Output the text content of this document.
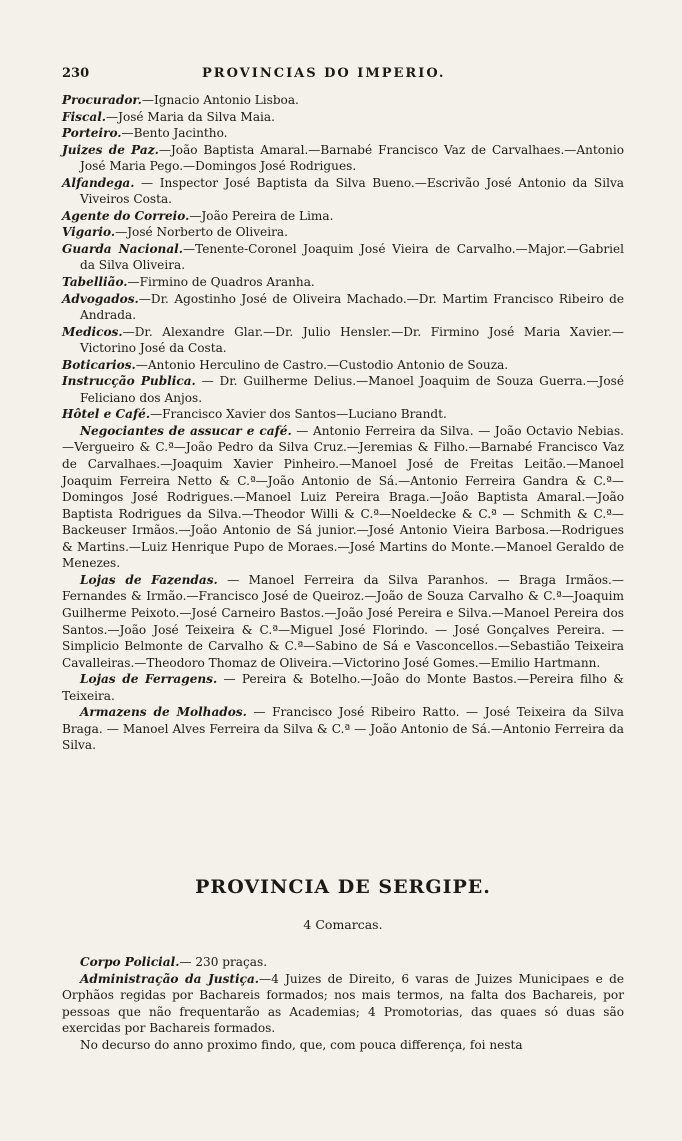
230	PROVINCIAS DO IMPERIO.

Procurador.—Ignacio Antonio Lisboa.

Fiscal.—José Maria da Silva Maia.

Porteiro.—Bento Jacintho.

Juizes de Paz.—João Baptista Amaral.—Barnabé Francisco Vaz de Carvalhaes.—Antonio José Maria Pego.—Domingos José Rodrigues.

Alfandega. — Inspector José Baptista da Silva Bueno.—Escrivão José Antonio da Silva Viveiros Costa.

Agente do Correio.—João Pereira de Lima.

Vigario.—José Norberto de Oliveira.

Guarda Nacional.—Tenente-Coronel Joaquim José Vieira de Carvalho.—Major.—Gabriel da Silva Oliveira.

Tabellião.—Firmino de Quadros Aranha.

Advogados.—Dr. Agostinho José de Oliveira Machado.—Dr. Martim Francisco Ribeiro de Andrada.

Medicos.—Dr. Alexandre Glar.—Dr. Julio Hensler.—Dr. Firmino José Maria Xavier.—Victorino José da Costa.

Boticarios.—Antonio Herculino de Castro.—Custodio Antonio de Souza.

Instrucção Publica. — Dr. Guilherme Delius.—Manoel Joaquim de Souza Guerra.—José Feliciano dos Anjos.

Hôtel e Café.—Francisco Xavier dos Santos—Luciano Brandt.

Negociantes de assucar e café. — Antonio Ferreira da Silva. — João Octavio Nebias.—Vergueiro & C.ª—João Pedro da Silva Cruz.—Jeremias & Filho.—Barnabé Francisco Vaz de Carvalhaes.—Joaquim Xavier Pinheiro.—Manoel José de Freitas Leitão.—Manoel Joaquim Ferreira Netto & C.ª—João Antonio de Sá.—Antonio Ferreira Gandra & C.ª—Domingos José Rodrigues.—Manoel Luiz Pereira Braga.—João Baptista Amaral.—João Baptista Rodrigues da Silva.—Theodor Willi & C.ª—Noeldecke & C.ª — Schmith & C.ª— Backeuser Irmãos.—João Antonio de Sá junior.—José Antonio Vieira Barbosa.—Rodrigues & Martins.—Luiz Henrique Pupo de Moraes.—José Martins do Monte.—Manoel Geraldo de Menezes.

Lojas de Fazendas. — Manoel Ferreira da Silva Paranhos. — Braga Irmãos.—Fernandes & Irmão.—Francisco José de Queiroz.—João de Souza Carvalho & C.ª—Joaquim Guilherme Peixoto.—José Carneiro Bastos.—João José Pereira e Silva.—Manoel Pereira dos Santos.—João José Teixeira & C.ª—Miguel José Florindo. — José Gonçalves Pereira. — Simplicio Belmonte de Carvalho & C.ª—Sabino de Sá e Vasconcellos.—Sebastião Teixeira Cavalleiras.—Theodoro Thomaz de Oliveira.—Victorino José Gomes.—Emilio Hartmann.

Lojas de Ferragens. — Pereira & Botelho.—João do Monte Bastos.—Pereira filho & Teixeira.

Armazens de Molhados. — Francisco José Ribeiro Ratto. — José Teixeira da Silva Braga. — Manoel Alves Ferreira da Silva & C.ª — João Antonio de Sá.—Antonio Ferreira da Silva.

PROVINCIA DE SERGIPE.
4 Comarcas.

Corpo Policial.— 230 praças.

Administração da Justiça.—4 Juizes de Direito, 6 varas de Juizes Municipaes e de Orphãos regidas por Bachareis formados; nos mais termos, na falta dos Bachareis, por pessoas que não frequentarão as Academias; 4 Promotorias, das quaes só duas são exercidas por Bachareis formados.

No decurso do anno proximo findo, que, com pouca differença, foi nesta
